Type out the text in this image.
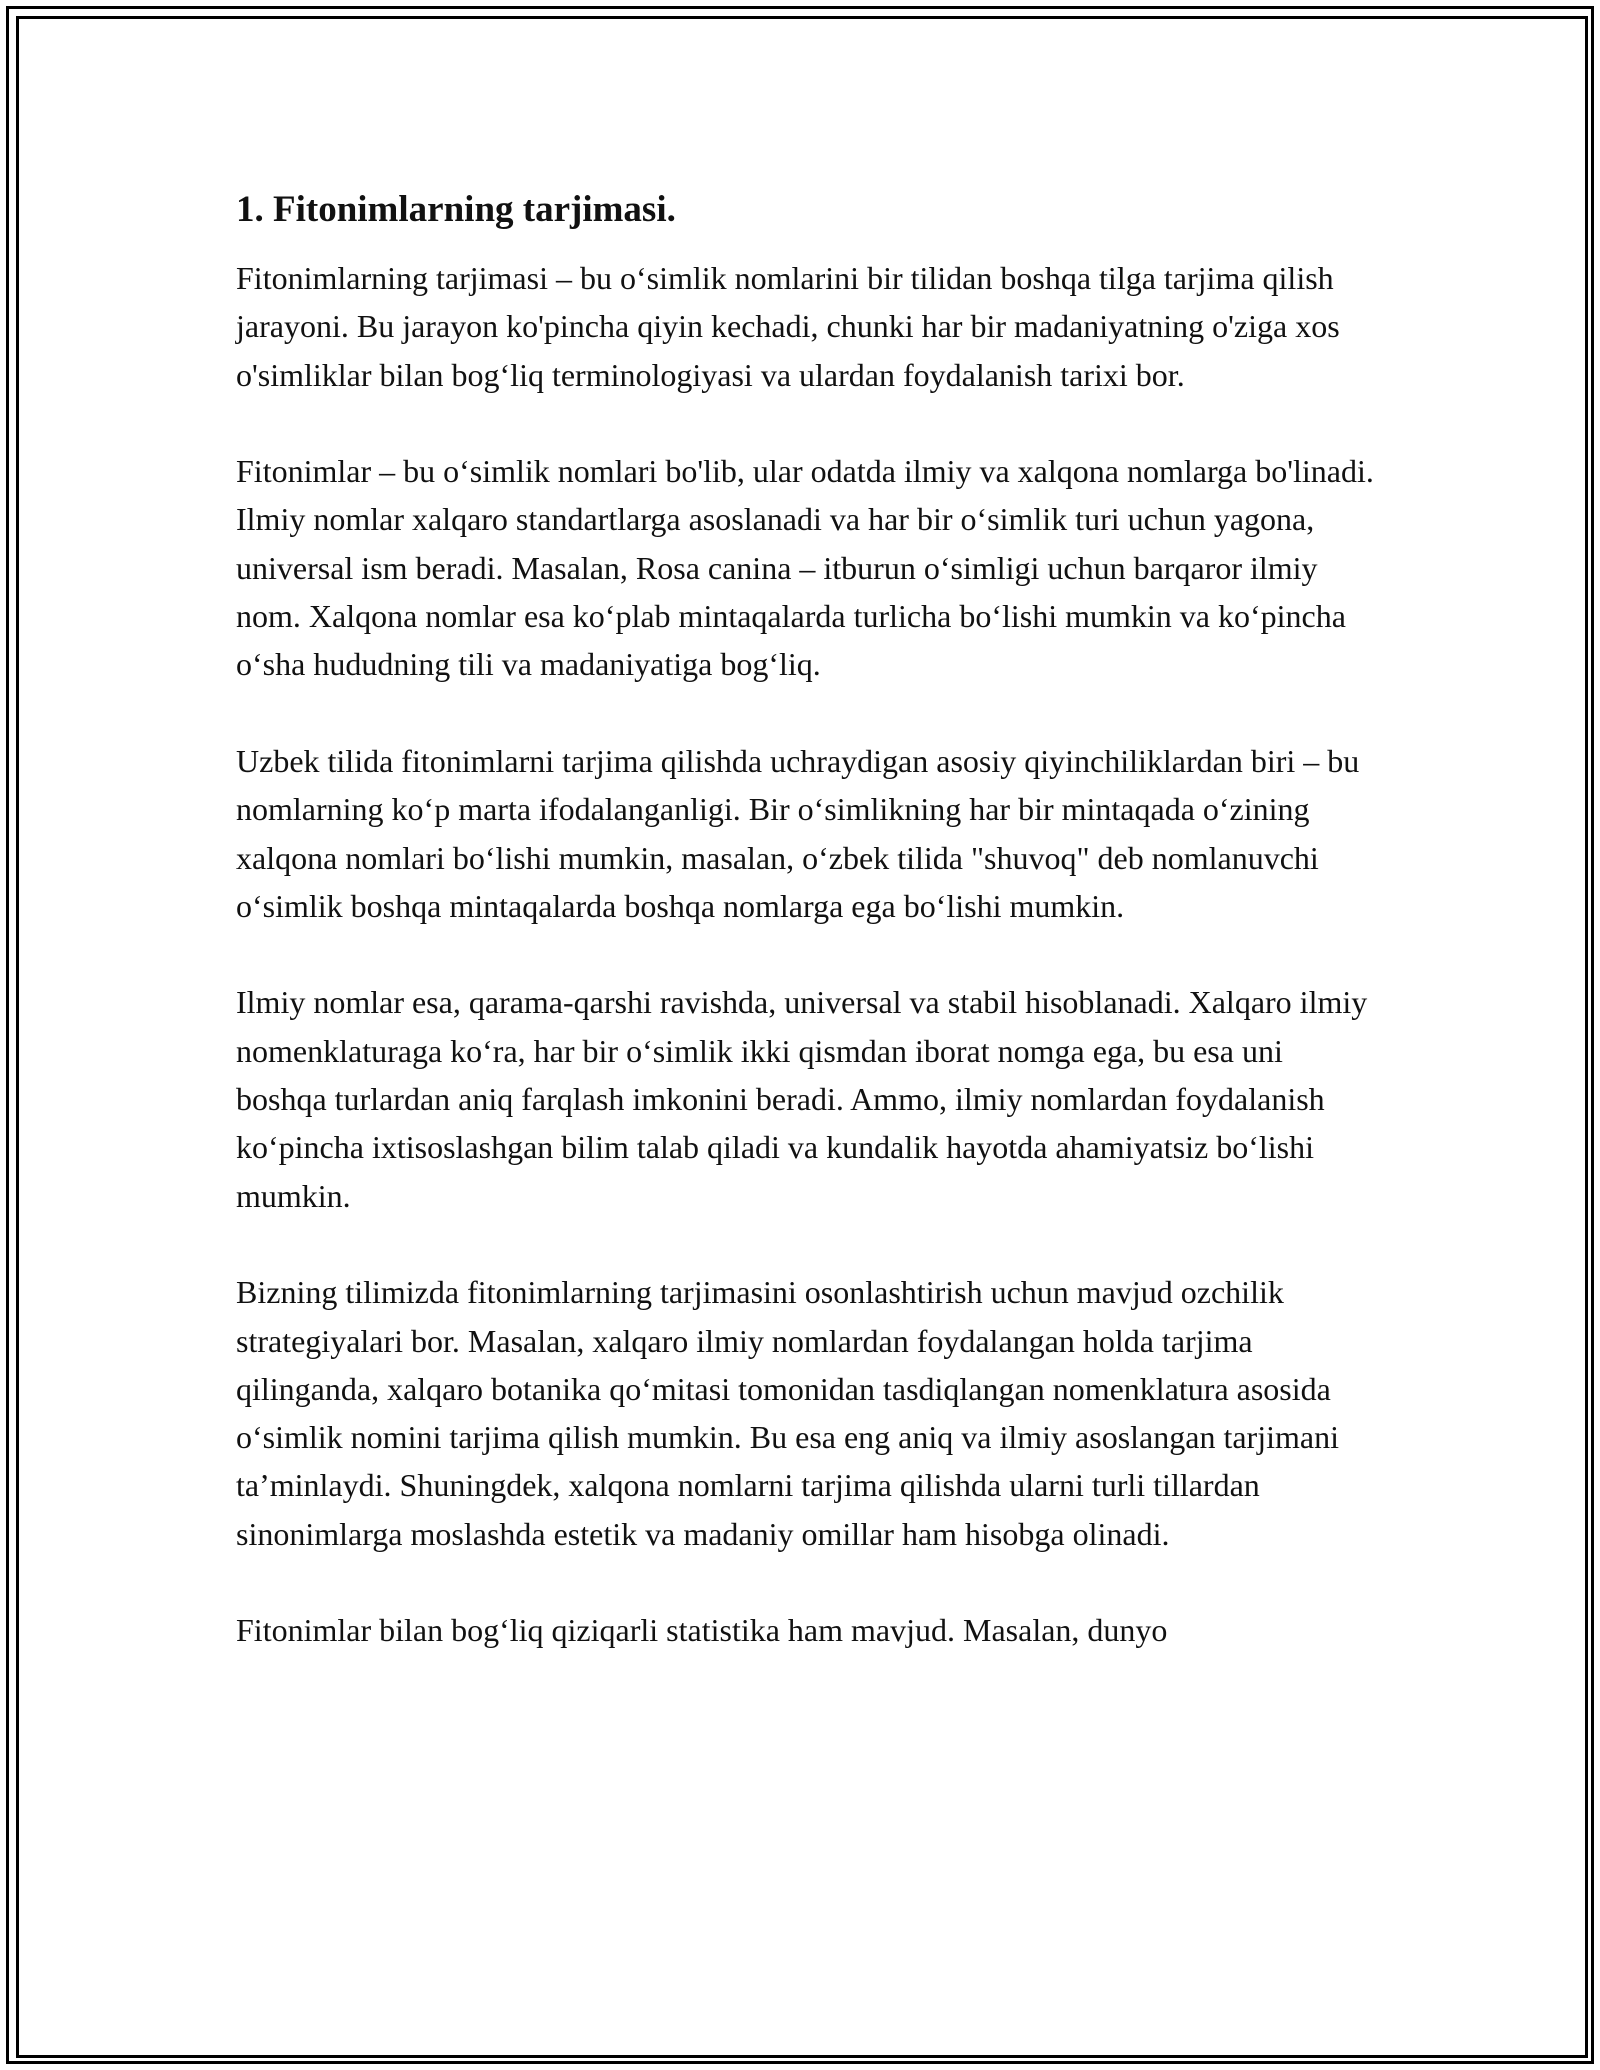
1. Fitonimlarning tarjimasi.

Fitonimlarning tarjimasi – bu o‘simlik nomlarini bir tilidan boshqa tilga tarjima qilish jarayoni. Bu jarayon ko'pincha qiyin kechadi, chunki har bir madaniyatning o'ziga xos o'simliklar bilan bog‘liq terminologiyasi va ulardan foydalanish tarixi bor.

Fitonimlar – bu o‘simlik nomlari bo'lib, ular odatda ilmiy va xalqona nomlarga bo'linadi. Ilmiy nomlar xalqaro standartlarga asoslanadi va har bir o‘simlik turi uchun yagona, universal ism beradi. Masalan, Rosa canina – itburun o‘simligi uchun barqaror ilmiy nom. Xalqona nomlar esa ko‘plab mintaqalarda turlicha bo‘lishi mumkin va ko‘pincha o‘sha hududning tili va madaniyatiga bog‘liq.

Uzbek tilida fitonimlarni tarjima qilishda uchraydigan asosiy qiyinchiliklardan biri – bu nomlarning ko‘p marta ifodalanganligi. Bir o‘simlikning har bir mintaqada o‘zining xalqona nomlari bo‘lishi mumkin, masalan, o‘zbek tilida "shuvoq" deb nomlanuvchi o‘simlik boshqa mintaqalarda boshqa nomlarga ega bo‘lishi mumkin.

Ilmiy nomlar esa, qarama-qarshi ravishda, universal va stabil hisoblanadi. Xalqaro ilmiy nomenklaturaga ko‘ra, har bir o‘simlik ikki qismdan iborat nomga ega, bu esa uni boshqa turlardan aniq farqlash imkonini beradi. Ammo, ilmiy nomlardan foydalanish ko‘pincha ixtisoslashgan bilim talab qiladi va kundalik hayotda ahamiyatsiz bo‘lishi mumkin.

Bizning tilimizda fitonimlarning tarjimasini osonlashtirish uchun mavjud ozchilik strategiyalari bor. Masalan, xalqaro ilmiy nomlardan foydalangan holda tarjima qilinganda, xalqaro botanika qo‘mitasi tomonidan tasdiqlangan nomenklatura asosida o‘simlik nomini tarjima qilish mumkin. Bu esa eng aniq va ilmiy asoslangan tarjimani ta’minlaydi. Shuningdek, xalqona nomlarni tarjima qilishda ularni turli tillardan sinonimlarga moslashda estetik va madaniy omillar ham hisobga olinadi.

Fitonimlar bilan bog‘liq qiziqarli statistika ham mavjud. Masalan, dunyo
